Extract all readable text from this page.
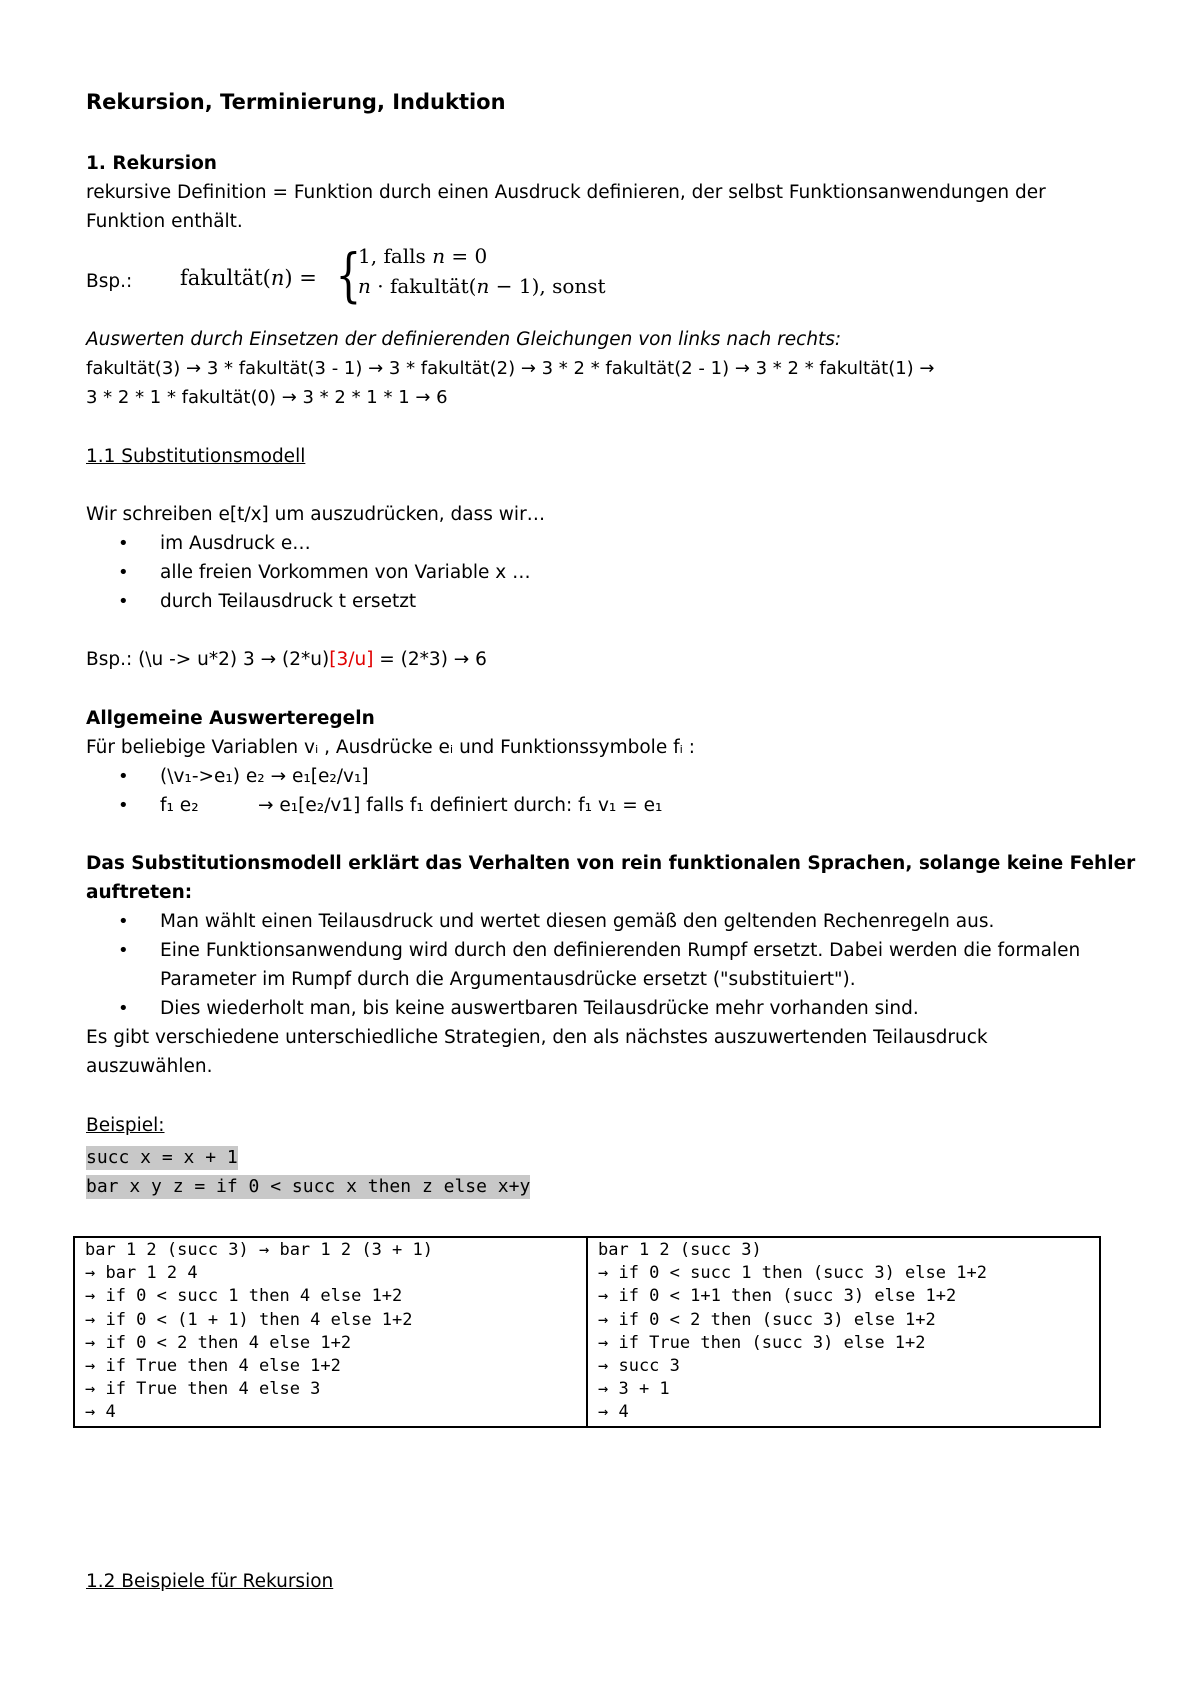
Rekursion, Terminierung, Induktion
1. Rekursion
rekursive Definition = Funktion durch einen Ausdruck definieren, der selbst Funktionsanwendungen der
Funktion enthält.
Bsp.: fakultät(n) = {
1, falls n = 0
n · fakultät(n − 1), sonst
Auswerten durch Einsetzen der definierenden Gleichungen von links nach rechts:
fakultät(3) → 3 * fakultät(3 - 1) → 3 * fakultät(2) → 3 * 2 * fakultät(2 - 1) → 3 * 2 * fakultät(1) →
3 * 2 * 1 * fakultät(0) → 3 * 2 * 1 * 1 → 6
1.1 Substitutionsmodell
Wir schreiben e[t/x] um auszudrücken, dass wir…
• im Ausdruck e…
• alle freien Vorkommen von Variable x …
• durch Teilausdruck t ersetzt
Bsp.: (\u -> u*2) 3 → (2*u)[3/u] = (2*3) → 6
Allgemeine Auswerteregeln
Für beliebige Variablen vᵢ , Ausdrücke eᵢ und Funktionssymbole fᵢ :
• (\v₁->e₁) e₂ → e₁[e₂/v₁]
• f₁ e₂	→ e₁[e₂/v1] falls f₁ definiert durch: f₁ v₁ = e₁
Das Substitutionsmodell erklärt das Verhalten von rein funktionalen Sprachen, solange keine Fehler
auftreten:
• Man wählt einen Teilausdruck und wertet diesen gemäß den geltenden Rechenregeln aus.
• Eine Funktionsanwendung wird durch den definierenden Rumpf ersetzt. Dabei werden die formalen
Parameter im Rumpf durch die Argumentausdrücke ersetzt ("substituiert").
• Dies wiederholt man, bis keine auswertbaren Teilausdrücke mehr vorhanden sind.
Es gibt verschiedene unterschiedliche Strategien, den als nächstes auszuwertenden Teilausdruck
auszuwählen.
Beispiel:
succ x = x + 1
bar x y z = if 0 < succ x then z else x+y
bar 1 2 (succ 3) → bar 1 2 (3 + 1)
→ bar 1 2 4
→ if 0 < succ 1 then 4 else 1+2
→ if 0 < (1 + 1) then 4 else 1+2
→ if 0 < 2 then 4 else 1+2
→ if True then 4 else 1+2
→ if True then 4 else 3
→ 4

bar 1 2 (succ 3)
→ if 0 < succ 1 then (succ 3) else 1+2
→ if 0 < 1+1 then (succ 3) else 1+2
→ if 0 < 2 then (succ 3) else 1+2
→ if True then (succ 3) else 1+2
→ succ 3
→ 3 + 1
→ 4
1.2 Beispiele für Rekursion
